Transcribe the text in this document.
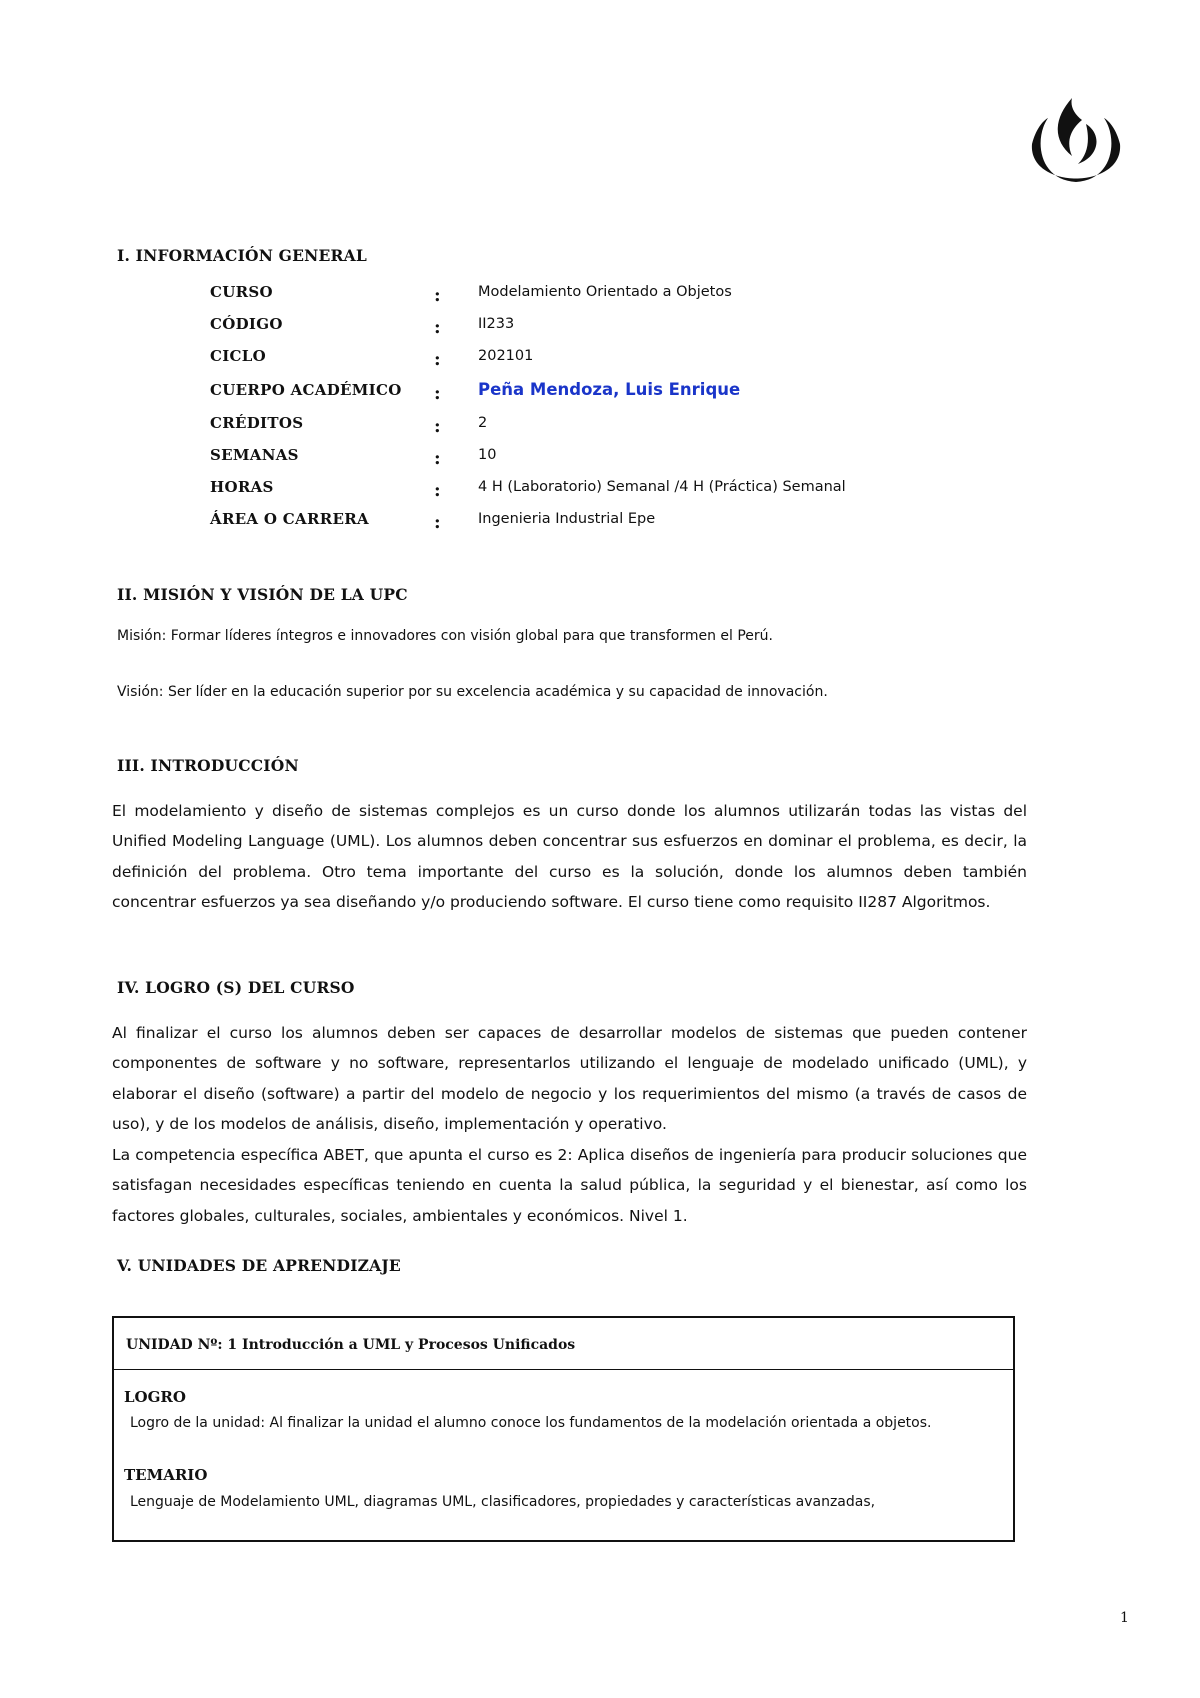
I. INFORMACIÓN GENERAL
CURSO	:	Modelamiento Orientado a Objetos
CÓDIGO	:	II233
CICLO	:	202101
CUERPO ACADÉMICO : Peña Mendoza, Luis Enrique
CRÉDITOS	:	2
SEMANAS	:	10
HORAS	:	4 H (Laboratorio) Semanal /4 H (Práctica) Semanal
ÁREA O CARRERA	:	Ingenieria Industrial Epe
II. MISIÓN Y VISIÓN DE LA UPC
Misión: Formar líderes íntegros e innovadores con visión global para que transformen el Perú.
Visión: Ser líder en la educación superior por su excelencia académica y su capacidad de innovación.
III. INTRODUCCIÓN
El modelamiento y diseño de sistemas complejos es un curso donde los alumnos utilizarán todas las vistas del Unified Modeling Language (UML). Los alumnos deben concentrar sus esfuerzos en dominar el problema, es decir, la definición del problema. Otro tema importante del curso es la solución, donde los alumnos deben también concentrar esfuerzos ya sea diseñando y/o produciendo software. El curso tiene como requisito II287 Algoritmos.
IV. LOGRO (S) DEL CURSO
Al finalizar el curso los alumnos deben ser capaces de desarrollar modelos de sistemas que pueden contener componentes de software y no software, representarlos utilizando el lenguaje de modelado unificado (UML), y elaborar el diseño (software) a partir del modelo de negocio y los requerimientos del mismo (a través de casos de uso), y de los modelos de análisis, diseño, implementación y operativo.
La competencia específica ABET, que apunta el curso es 2: Aplica diseños de ingeniería para producir soluciones que satisfagan necesidades específicas teniendo en cuenta la salud pública, la seguridad y el bienestar, así como los factores globales, culturales, sociales, ambientales y económicos. Nivel 1.
V. UNIDADES DE APRENDIZAJE
UNIDAD Nº: 1 Introducción a UML y Procesos Unificados
LOGRO
Logro de la unidad: Al finalizar la unidad el alumno conoce los fundamentos de la modelación orientada a objetos.
TEMARIO
Lenguaje de Modelamiento UML, diagramas UML, clasificadores, propiedades y características avanzadas,
1
